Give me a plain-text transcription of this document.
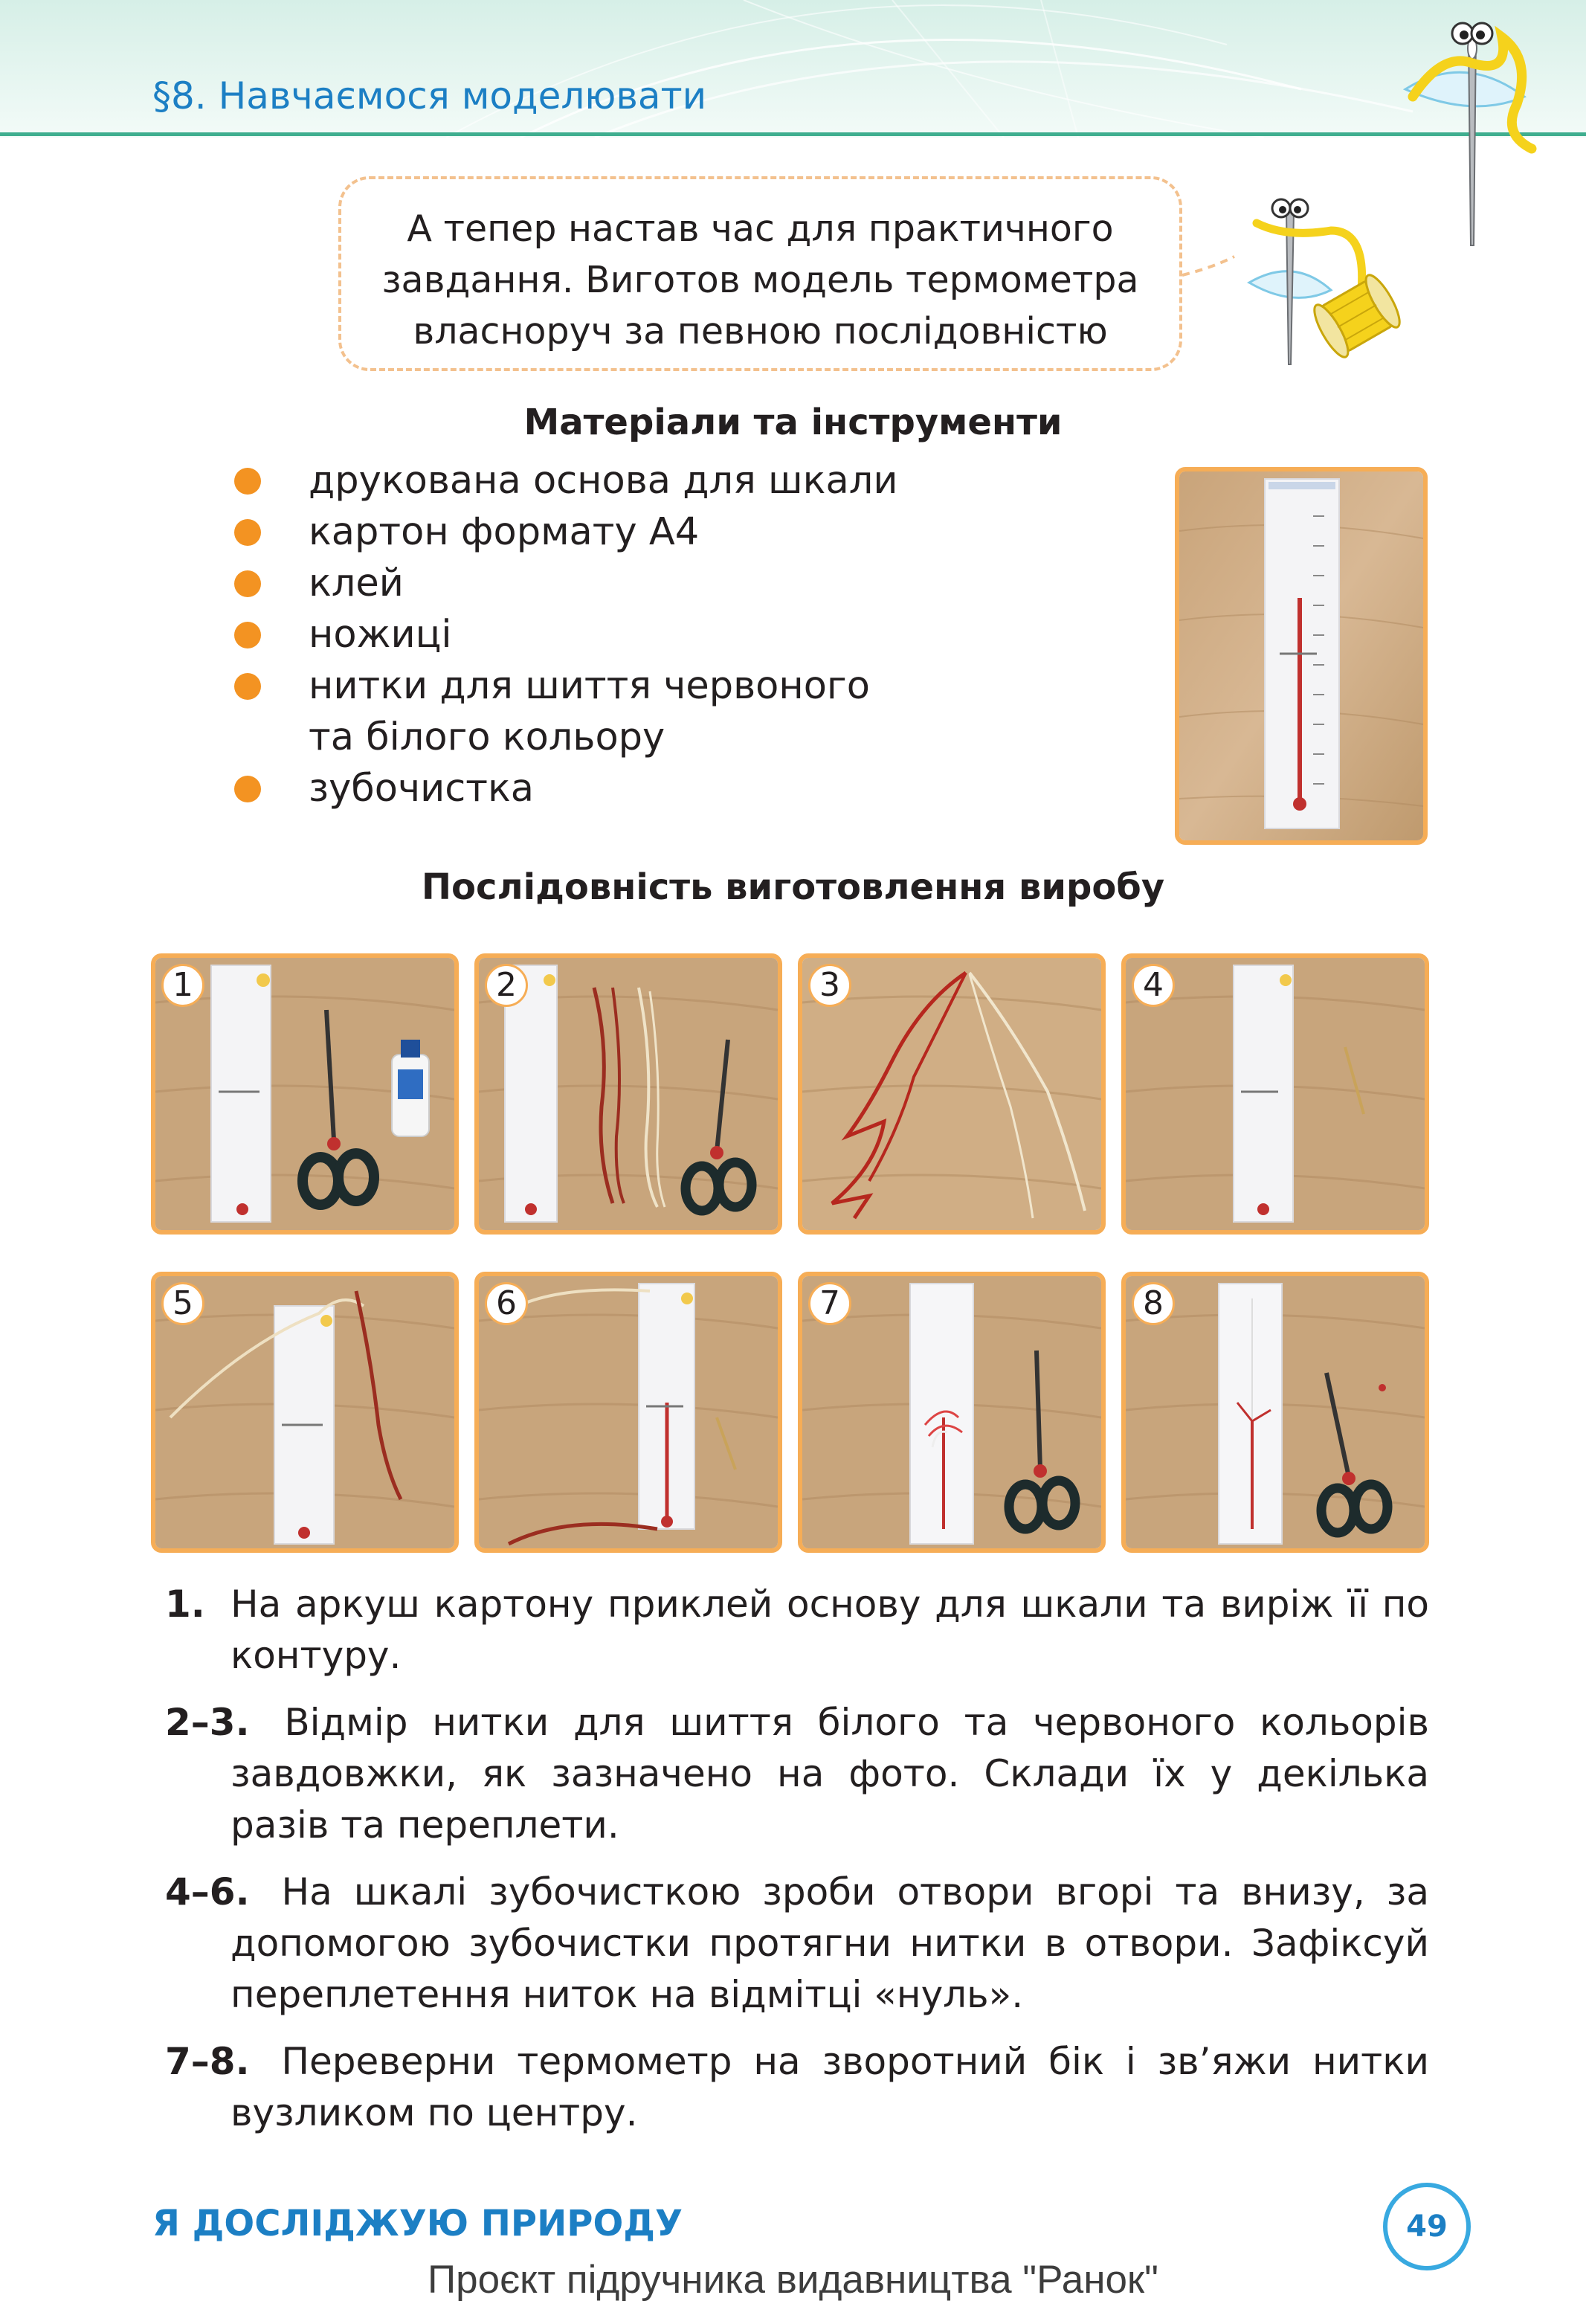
§8. Навчаємося моделювати
А тепер настав час для практичного
завдання. Виготов модель термометра
власноруч за певною послідовністю
Матеріали та інструменти
друкована основа для шкали
картон формату А4
клей
ножиці
нитки для шиття червоного
та білого кольору
зубочистка
Послідовність виготовлення виробу
1	2	3	4
5	6	7	8
1. На аркуш картону приклей основу для шкали та виріж її по контуру.
2–3. Відмір нитки для шиття білого та червоного кольорів завдовжки, як зазначено на фото. Склади їх у декілька разів та переплети.
4–6. На шкалі зубочисткою зроби отвори вгорі та внизу, за допомогою зубочистки протягни нитки в отвори. Зафіксуй переплетення ниток на відмітці «нуль».
7–8. Переверни термометр на зворотний бік і зв’яжи нитки вузликом по центру.
Я ДОСЛІДЖУЮ ПРИРОДУ	49
Проєкт підручника видавництва "Ранок"
